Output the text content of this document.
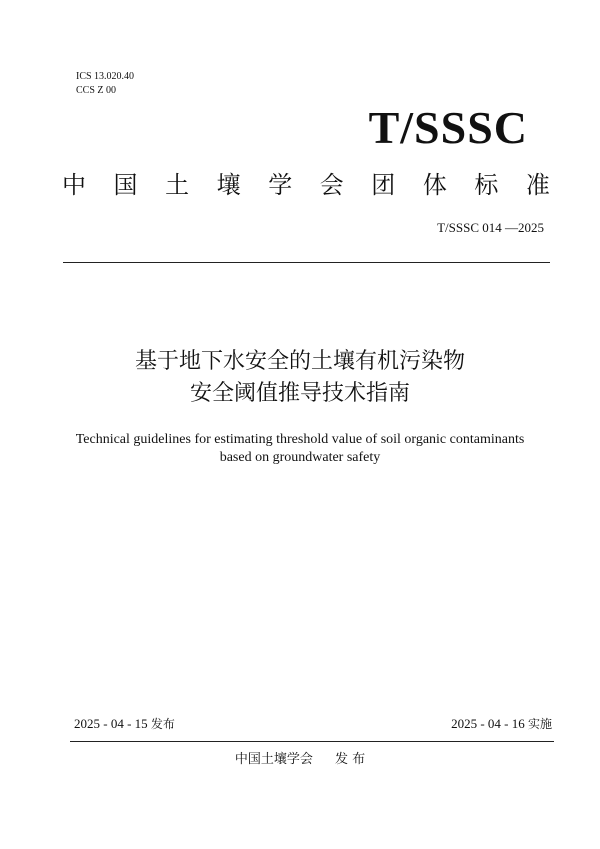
ICS 13.020.40
CCS Z 00
T/SSSC
中 国 土 壤 学 会 团 体 标 准
T/SSSC 014 —2025
基于地下水安全的土壤有机污染物
安全阈值推导技术指南
Technical guidelines for estimating threshold value of soil organic contaminants
based on groundwater safety
2025 - 04 - 15 发布	2025 - 04 - 16 实施
中国土壤学会 发 布
